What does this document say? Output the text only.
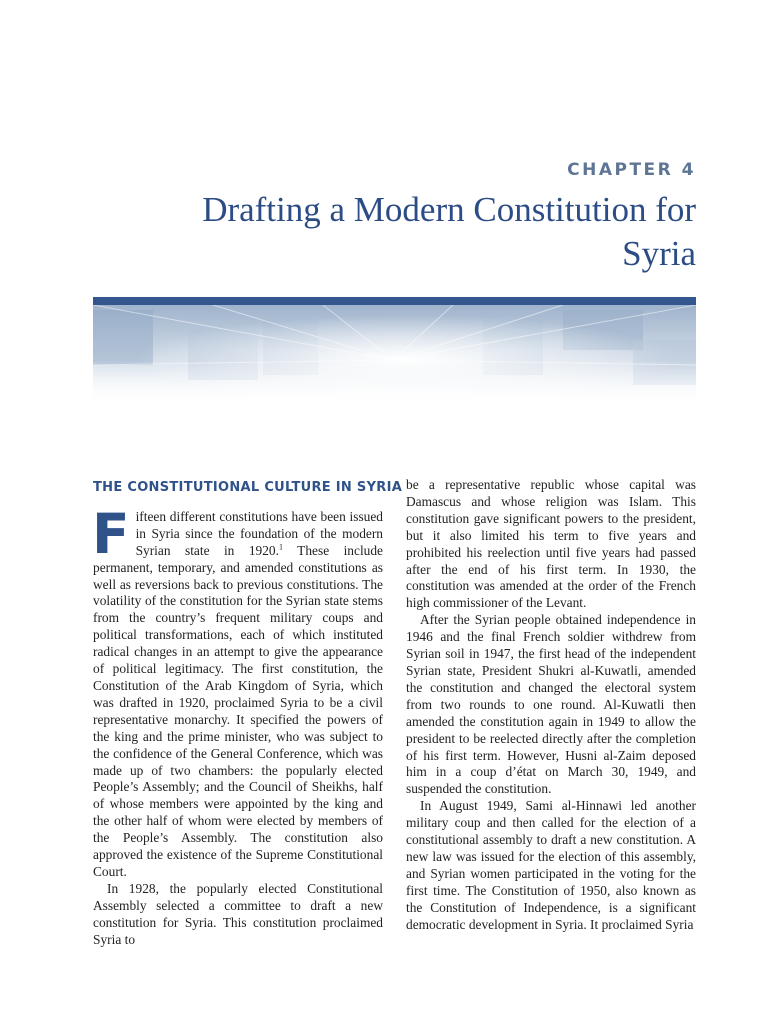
CHAPTER 4
Drafting a Modern Constitution for Syria
THE CONSTITUTIONAL CULTURE IN SYRIA

Fifteen different constitutions have been issued in Syria since the foundation of the modern Syrian state in 1920.$^1$ These include permanent, temporary, and amended constitutions as well as reversions back to previous constitutions. The volatility of the constitution for the Syrian state stems from the country’s frequent military coups and political transformations, each of which instituted radical changes in an attempt to give the appearance of political legitimacy. The first constitution, the Constitution of the Arab Kingdom of Syria, which was drafted in 1920, proclaimed Syria to be a civil representative monarchy. It specified the powers of the king and the prime minister, who was subject to the confidence of the General Conference, which was made up of two chambers: the popularly elected People’s Assembly; and the Council of Sheikhs, half of whose members were appointed by the king and the other half of whom were elected by members of the People’s Assembly. The constitution also approved the existence of the Supreme Constitutional Court.

In 1928, the popularly elected Constitutional Assembly selected a committee to draft a new constitution for Syria. This constitution proclaimed Syria to

be a representative republic whose capital was Damascus and whose religion was Islam. This constitution gave significant powers to the president, but it also limited his term to five years and prohibited his reelection until five years had passed after the end of his first term. In 1930, the constitution was amended at the order of the French high commissioner of the Levant.

After the Syrian people obtained independence in 1946 and the final French soldier withdrew from Syrian soil in 1947, the first head of the independent Syrian state, President Shukri al-Kuwatli, amended the constitution and changed the electoral system from two rounds to one round. Al-Kuwatli then amended the constitution again in 1949 to allow the president to be reelected directly after the completion of his first term. However, Husni al-Zaim deposed him in a coup d’état on March 30, 1949, and suspended the constitution.

In August 1949, Sami al-Hinnawi led another military coup and then called for the election of a constitutional assembly to draft a new constitution. A new law was issued for the election of this assembly, and Syrian women participated in the voting for the first time. The Constitution of 1950, also known as the Constitution of Independence, is a significant democratic development in Syria. It proclaimed Syria
